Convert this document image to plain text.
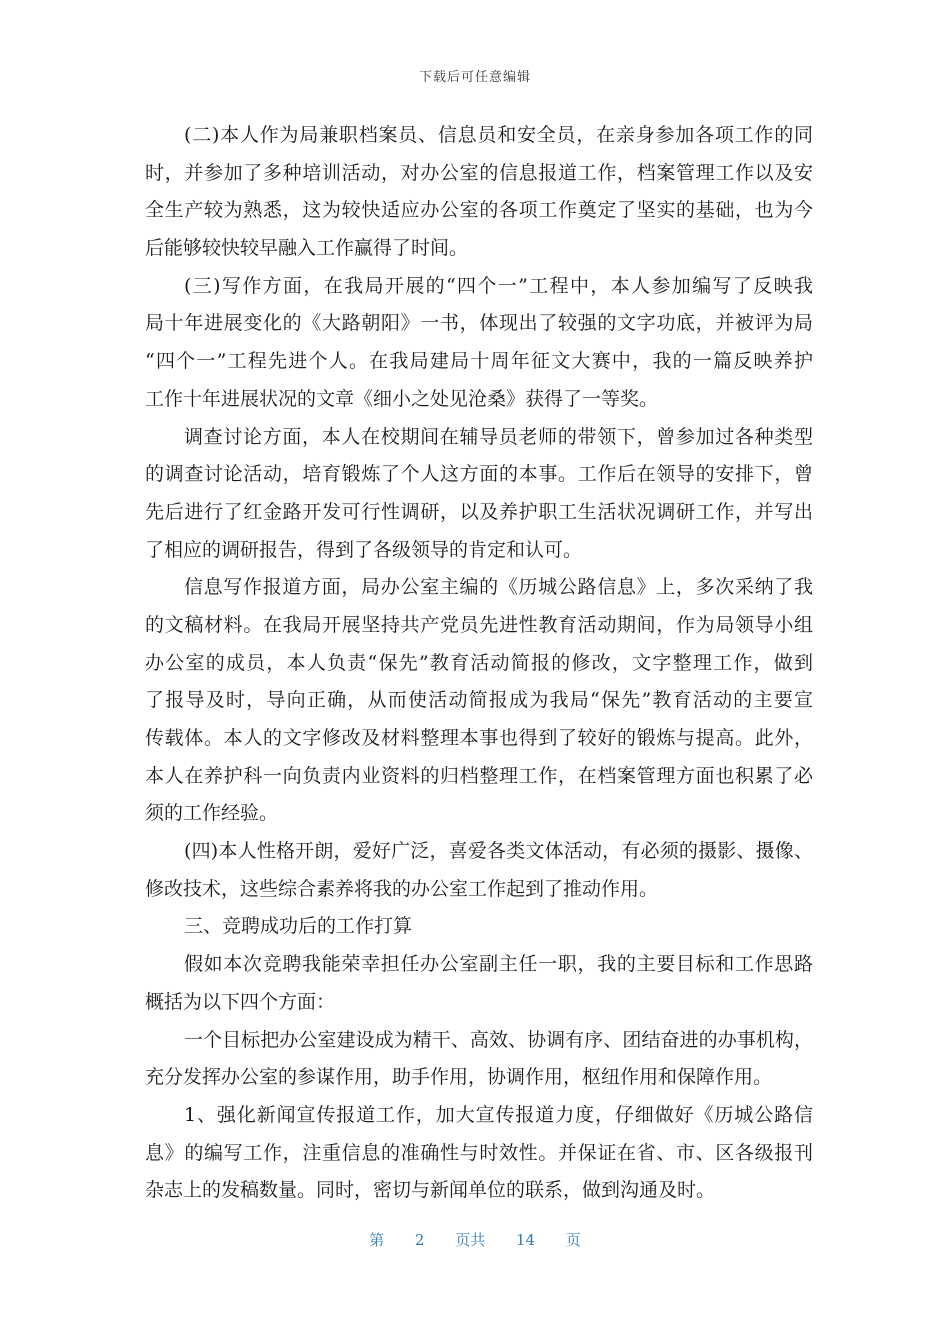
下载后可任意编辑
(二)本人作为局兼职档案员、信息员和安全员，在亲身参加各项工作的同
时，并参加了多种培训活动，对办公室的信息报道工作，档案管理工作以及安
全生产较为熟悉，这为较快适应办公室的各项工作奠定了坚实的基础，也为今
后能够较快较早融入工作赢得了时间。
(三)写作方面，在我局开展的“四个一”工程中，本人参加编写了反映我
局十年进展变化的《大路朝阳》一书，体现出了较强的文字功底，并被评为局
“四个一”工程先进个人。在我局建局十周年征文大赛中，我的一篇反映养护
工作十年进展状况的文章《细小之处见沧桑》获得了一等奖。
调查讨论方面，本人在校期间在辅导员老师的带领下，曾参加过各种类型
的调查讨论活动，培育锻炼了个人这方面的本事。工作后在领导的安排下，曾
先后进行了红金路开发可行性调研，以及养护职工生活状况调研工作，并写出
了相应的调研报告，得到了各级领导的肯定和认可。
信息写作报道方面，局办公室主编的《历城公路信息》上，多次采纳了我
的文稿材料。在我局开展坚持共产党员先进性教育活动期间，作为局领导小组
办公室的成员，本人负责“保先”教育活动简报的修改，文字整理工作，做到
了报导及时，导向正确，从而使活动简报成为我局“保先”教育活动的主要宣
传载体。本人的文字修改及材料整理本事也得到了较好的锻炼与提高。此外，
本人在养护科一向负责内业资料的归档整理工作，在档案管理方面也积累了必
须的工作经验。
(四)本人性格开朗，爱好广泛，喜爱各类文体活动，有必须的摄影、摄像、
修改技术，这些综合素养将我的办公室工作起到了推动作用。
三、竞聘成功后的工作打算
假如本次竞聘我能荣幸担任办公室副主任一职，我的主要目标和工作思路
概括为以下四个方面：
一个目标把办公室建设成为精干、高效、协调有序、团结奋进的办事机构，
充分发挥办公室的参谋作用，助手作用，协调作用，枢纽作用和保障作用。
1、强化新闻宣传报道工作，加大宣传报道力度，仔细做好《历城公路信
息》的编写工作，注重信息的准确性与时效性。并保证在省、市、区各级报刊
杂志上的发稿数量。同时，密切与新闻单位的联系，做到沟通及时。
第 2 页共 14 页
